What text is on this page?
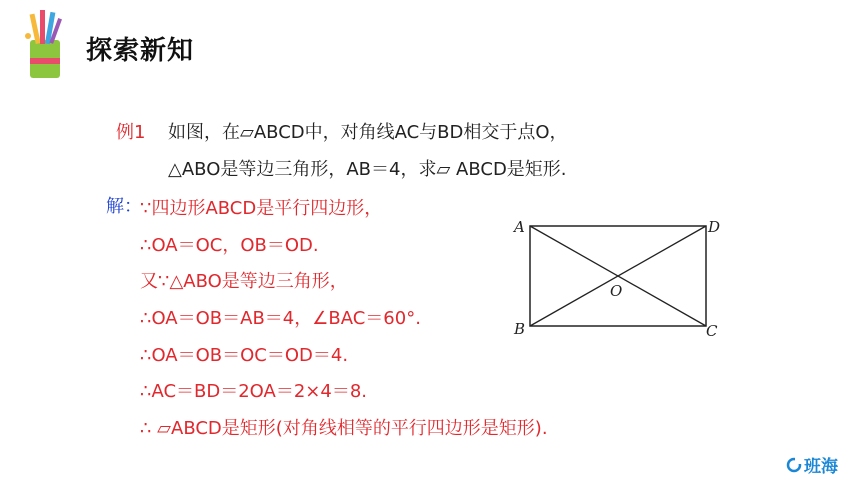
探索新知
例1 如图，在▱ABCD中，对角线AC与BD相交于点O，
△ABO是等边三角形，AB＝4，求▱ ABCD是矩形.
解：
∵四边形ABCD是平行四边形，
∴OA＝OC，OB＝OD.
又∵△ABO是等边三角形，
∴OA＝OB＝AB＝4，∠BAC＝60°.
∴OA＝OB＝OC＝OD＝4.
∴AC＝BD＝2OA＝2×4＝8.
∴ ▱ABCD是矩形(对角线相等的平行四边形是矩形).
A	D
B	C
O
班海
